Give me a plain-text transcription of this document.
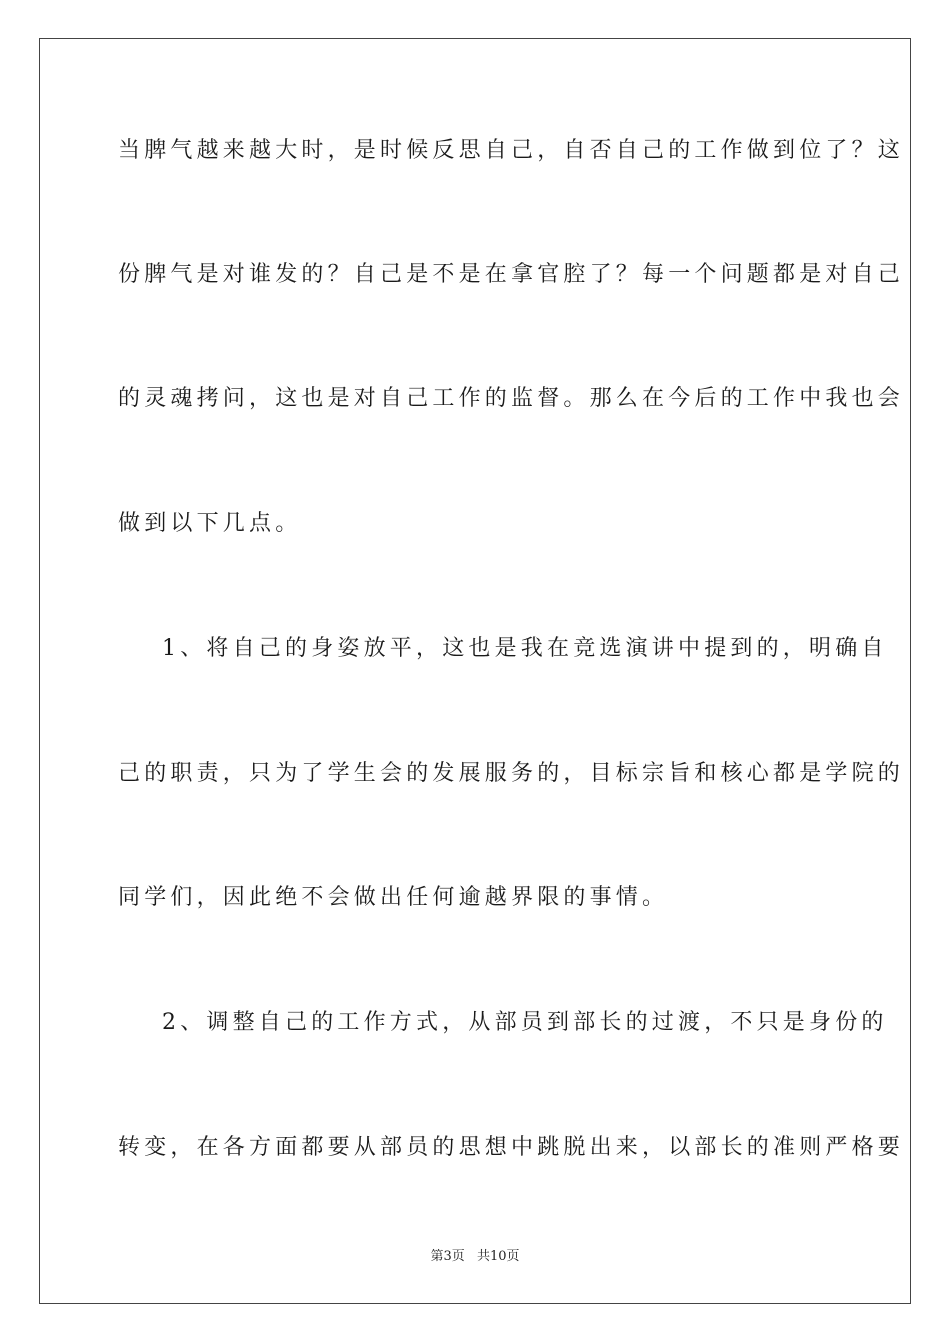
当脾气越来越大时，是时候反思自己，自否自己的工作做到位了？这
份脾气是对谁发的？自己是不是在拿官腔了？每一个问题都是对自己
的灵魂拷问，这也是对自己工作的监督。那么在今后的工作中我也会
做到以下几点。
1、将自己的身姿放平，这也是我在竞选演讲中提到的，明确自
己的职责，只为了学生会的发展服务的，目标宗旨和核心都是学院的
同学们，因此绝不会做出任何逾越界限的事情。
2、调整自己的工作方式，从部员到部长的过渡，不只是身份的
转变，在各方面都要从部员的思想中跳脱出来，以部长的准则严格要
第3页 共10页
